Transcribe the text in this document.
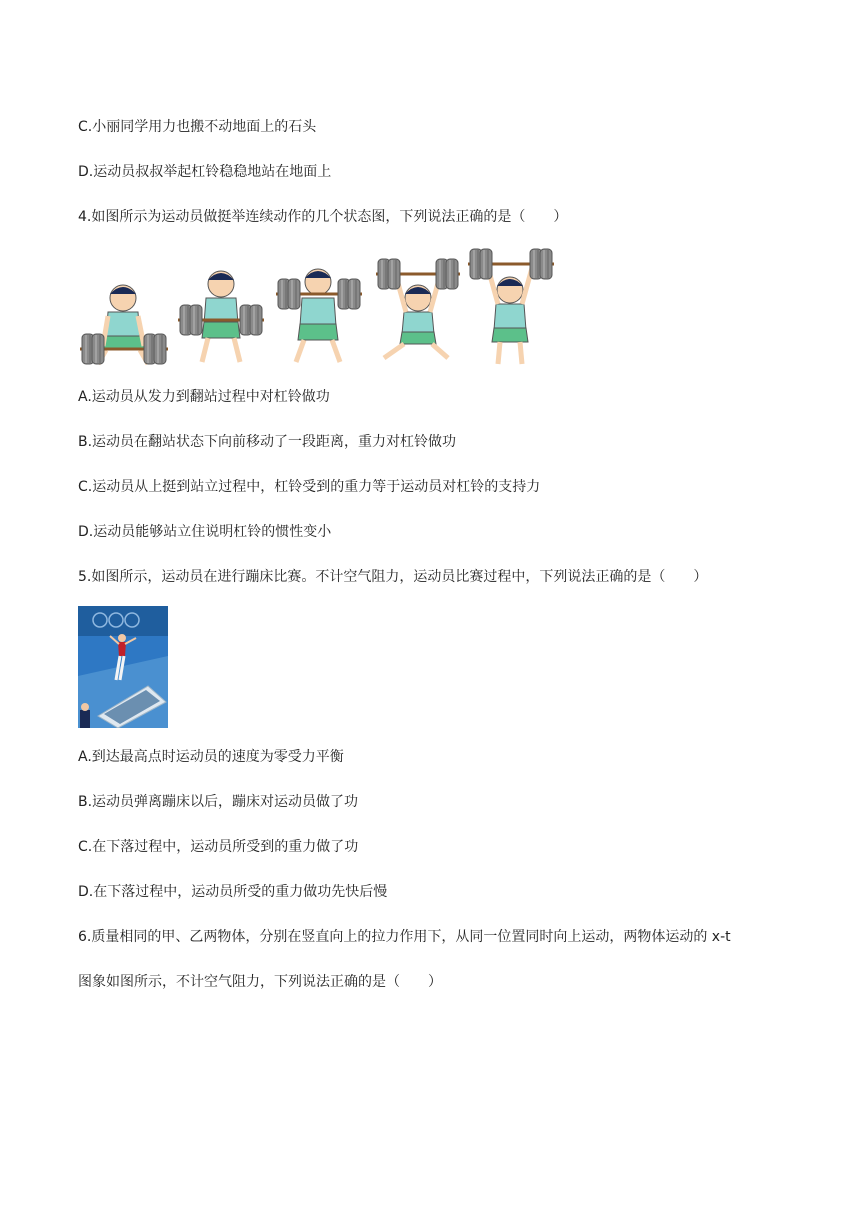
C.小丽同学用力也搬不动地面上的石头
D.运动员叔叔举起杠铃稳稳地站在地面上
4.如图所示为运动员做挺举连续动作的几个状态图，下列说法正确的是（　　）
A.运动员从发力到翻站过程中对杠铃做功
B.运动员在翻站状态下向前移动了一段距离，重力对杠铃做功
C.运动员从上挺到站立过程中，杠铃受到的重力等于运动员对杠铃的支持力
D.运动员能够站立住说明杠铃的惯性变小
5.如图所示，运动员在进行蹦床比赛。不计空气阻力，运动员比赛过程中，下列说法正确的是（　　）
A.到达最高点时运动员的速度为零受力平衡
B.运动员弹离蹦床以后，蹦床对运动员做了功
C.在下落过程中，运动员所受到的重力做了功
D.在下落过程中，运动员所受的重力做功先快后慢
6.质量相同的甲、乙两物体，分别在竖直向上的拉力作用下，从同一位置同时向上运动，两物体运动的 x-t
图象如图所示，不计空气阻力，下列说法正确的是（　　）
